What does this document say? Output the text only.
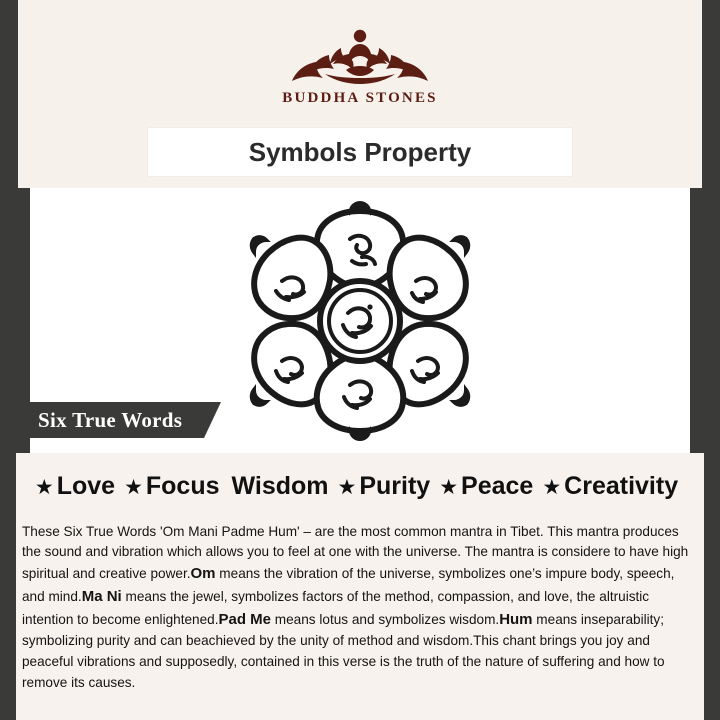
BUDDHA STONES
Symbols Property
Six True Words
★ Love ★ Focus Wisdom ★ Purity ★ Peace ★ Creativity

These Six True Words 'Om Mani Padme Hum' – are the most common mantra in Tibet. This mantra produces the sound and vibration which allows you to feel at one with the universe. The mantra is considere to have high spiritual and creative power.Om means the vibration of the universe, symbolizes one’s impure body, speech, and mind.Ma Ni means the jewel, symbolizes factors of the method, compassion, and love, the altruistic intention to become enlightened.Pad Me means lotus and symbolizes wisdom.Hum means inseparability; symbolizing purity and can beachieved by the unity of method and wisdom.This chant brings you joy and peaceful vibrations and supposedly, contained in this verse is the truth of the nature of suffering and how to remove its causes.
